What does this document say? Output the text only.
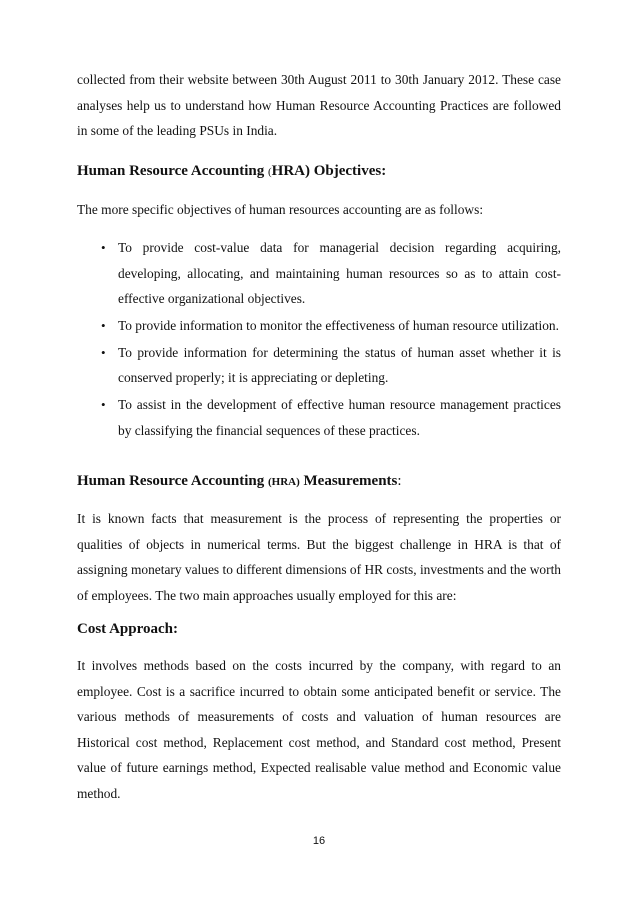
collected from their website between 30th August 2011 to 30th January 2012. These case analyses help us to understand how Human Resource Accounting Practices are followed in some of the leading PSUs in India.

Human Resource Accounting (HRA) Objectives:

The more specific objectives of human resources accounting are as follows:

• To provide cost-value data for managerial decision regarding acquiring, developing, allocating, and maintaining human resources so as to attain cost-effective organizational objectives.
• To provide information to monitor the effectiveness of human resource utilization.
• To provide information for determining the status of human asset whether it is conserved properly; it is appreciating or depleting.
• To assist in the development of effective human resource management practices by classifying the financial sequences of these practices.
Human Resource Accounting (HRA) Measurements:

It is known facts that measurement is the process of representing the properties or qualities of objects in numerical terms. But the biggest challenge in HRA is that of assigning monetary values to different dimensions of HR costs, investments and the worth of employees. The two main approaches usually employed for this are:

Cost Approach:

It involves methods based on the costs incurred by the company, with regard to an employee. Cost is a sacrifice incurred to obtain some anticipated benefit or service. The various methods of measurements of costs and valuation of human resources are Historical cost method, Replacement cost method, and Standard cost method, Present value of future earnings method, Expected realisable value method and Economic value method.

16
